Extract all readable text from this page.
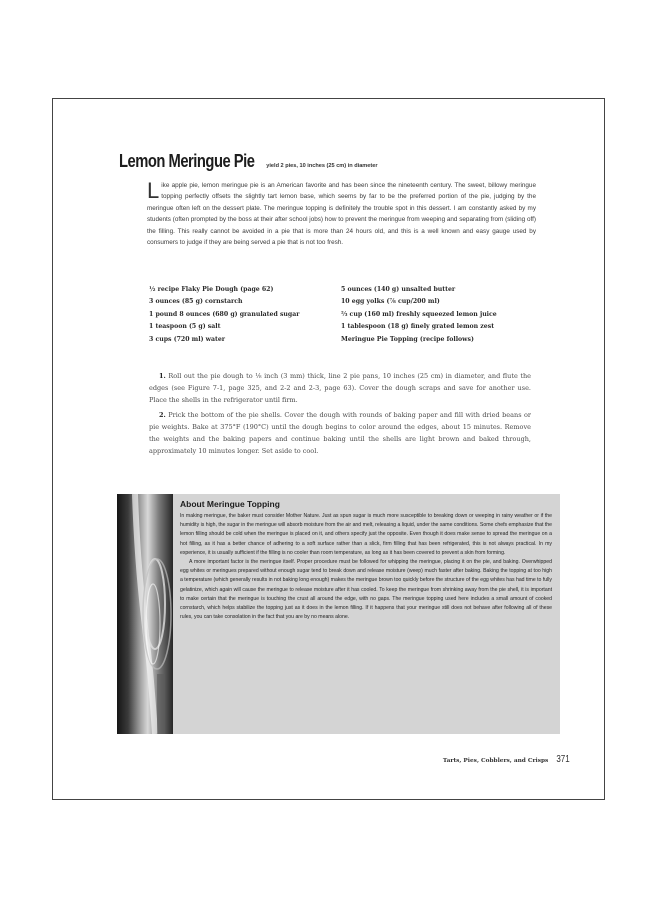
Lemon Meringue Pie yield 2 pies, 10 inches (25 cm) in diameter
Like apple pie, lemon meringue pie is an American favorite and has been since the nineteenth century. The sweet, billowy meringue topping perfectly offsets the slightly tart lemon base, which seems by far to be the preferred portion of the pie, judging by the meringue often left on the dessert plate. The meringue topping is definitely the trouble spot in this dessert. I am constantly asked by my students (often prompted by the boss at their after school jobs) how to prevent the meringue from weeping and separating from (sliding off) the filling. This really cannot be avoided in a pie that is more than 24 hours old, and this is a well known and easy gauge used by consumers to judge if they are being served a pie that is not too fresh.
½ recipe Flaky Pie Dough (page 62)	5 ounces (140 g) unsalted butter
3 ounces (85 g) cornstarch	10 egg yolks (⅞ cup/200 ml)
1 pound 8 ounces (680 g) granulated sugar	⅔ cup (160 ml) freshly squeezed lemon juice
1 teaspoon (5 g) salt	1 tablespoon (18 g) finely grated lemon zest
3 cups (720 ml) water	Meringue Pie Topping (recipe follows)

1. Roll out the pie dough to ⅛ inch (3 mm) thick, line 2 pie pans, 10 inches (25 cm) in diameter, and flute the edges (see Figure 7-1, page 325, and 2-2 and 2-3, page 63). Cover the dough scraps and save for another use. Place the shells in the refrigerator until firm.

2. Prick the bottom of the pie shells. Cover the dough with rounds of baking paper and fill with dried beans or pie weights. Bake at 375°F (190°C) until the dough begins to color around the edges, about 15 minutes. Remove the weights and the baking papers and continue baking until the shells are light brown and baked through, approximately 10 minutes longer. Set aside to cool.

About Meringue Topping

In making meringue, the baker must consider Mother Nature. Just as spun sugar is much more susceptible to breaking down or weeping in rainy weather or if the humidity is high, the sugar in the meringue will absorb moisture from the air and melt, releasing a liquid, under the same conditions. Some chefs emphasize that the lemon filling should be cold when the meringue is placed on it, and others specify just the opposite. Even though it does make sense to spread the meringue on a hot filling, as it has a better chance of adhering to a soft surface rather than a slick, firm filling that has been refrigerated, this is not always practical. In my experience, it is usually sufficient if the filling is no cooler than room temperature, as long as it has been covered to prevent a skin from forming.

A more important factor is the meringue itself. Proper procedure must be followed for whipping the meringue, placing it on the pie, and baking. Overwhipped egg whites or meringues prepared without enough sugar tend to break down and release moisture (weep) much faster after baking. Baking the topping at too high a temperature (which generally results in not baking long enough) makes the meringue brown too quickly before the structure of the egg whites has had time to fully gelatinize, which again will cause the meringue to release moisture after it has cooled. To keep the meringue from shrinking away from the pie shell, it is important to make certain that the meringue is touching the crust all around the edge, with no gaps. The meringue topping used here includes a small amount of cooked cornstarch, which helps stabilize the topping just as it does in the lemon filling. If it happens that your meringue still does not behave after following all of these rules, you can take consolation in the fact that you are by no means alone.

Tarts, Pies, Cobblers, and Crisps 371
